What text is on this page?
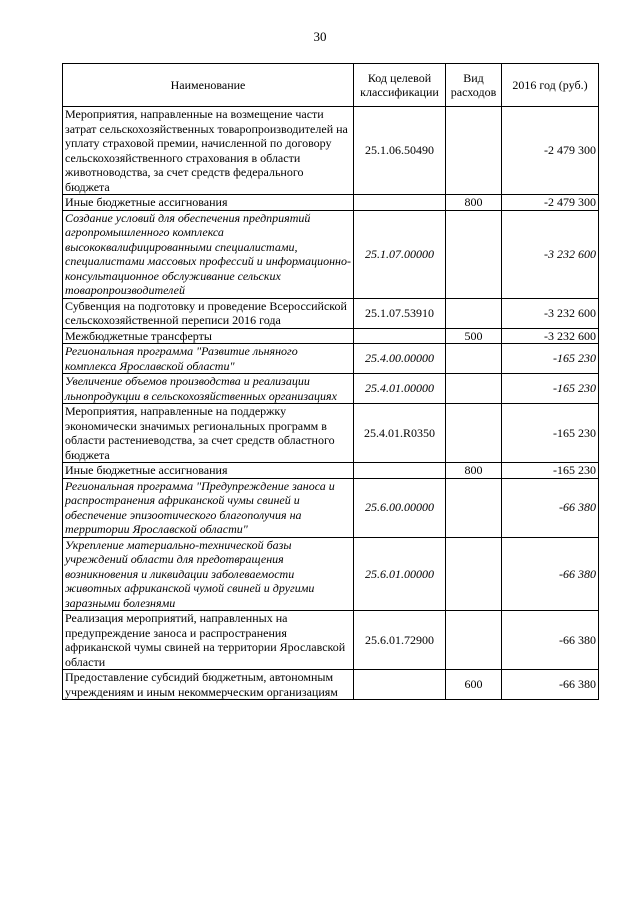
30
Наименование	Код целевой классификации	Вид расходов	2016 год (руб.)
Мероприятия, направленные на возмещение части затрат сельскохозяйственных товаропроизводителей на уплату страховой премии, начисленной по договору сельскохозяйственного страхования в области животноводства, за счет средств федерального бюджета	25.1.06.50490		-2 479 300
Иные бюджетные ассигнования		800	-2 479 300
Создание условий для обеспечения предприятий агропромышленного комплекса высококвалифицированными специалистами, специалистами массовых профессий и информационно-консультационное обслуживание сельских товаропроизводителей	25.1.07.00000		-3 232 600
Субвенция на подготовку и проведение Всероссийской сельскохозяйственной переписи 2016 года	25.1.07.53910		-3 232 600
Межбюджетные трансферты		500	-3 232 600
Региональная программа "Развитие льняного комплекса Ярославской области"	25.4.00.00000		-165 230
Увеличение объемов производства и реализации льнопродукции в сельскохозяйственных организациях	25.4.01.00000		-165 230
Мероприятия, направленные на поддержку экономически значимых региональных программ в области растениеводства, за счет средств областного бюджета	25.4.01.R0350		-165 230
Иные бюджетные ассигнования		800	-165 230
Региональная программа "Предупреждение заноса и распространения африканской чумы свиней и обеспечение эпизоотического благополучия на территории Ярославской области"	25.6.00.00000		-66 380
Укрепление материально-технической базы учреждений области для предотвращения возникновения и ликвидации заболеваемости животных африканской чумой свиней и другими заразными болезнями	25.6.01.00000		-66 380
Реализация мероприятий, направленных на предупреждение заноса и распространения африканской чумы свиней на территории Ярославской области	25.6.01.72900		-66 380
Предоставление субсидий бюджетным, автономным учреждениям и иным некоммерческим организациям		600	-66 380
